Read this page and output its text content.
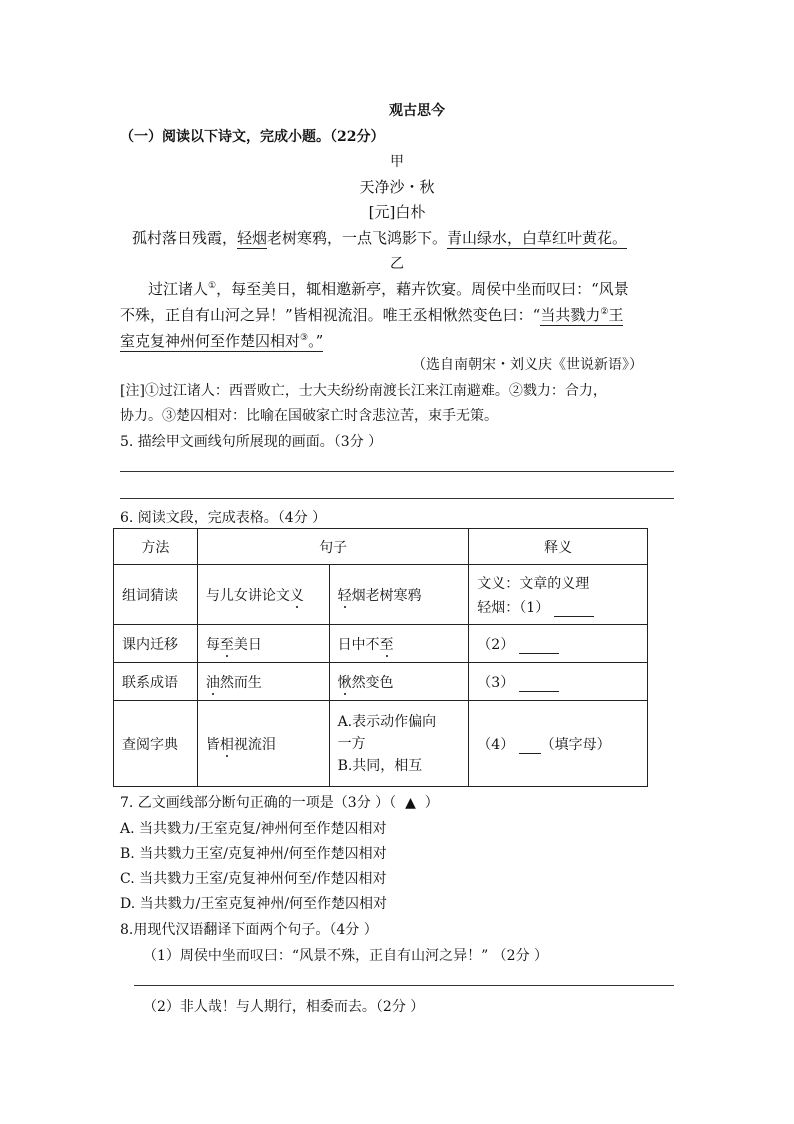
观古思今
（一）阅读以下诗文，完成小题。（22分）
甲
天净沙・秋
[元]白朴
孤村落日残霞，轻烟老树寒鸦，一点飞鸿影下。青山绿水，白草红叶黄花。
乙
过江诸人①，每至美日，辄相邀新亭，藉卉饮宴。周侯中坐而叹曰：“风景
不殊，正自有山河之异！”皆相视流泪。唯王丞相愀然变色曰：“当共戮力②王
室克复神州何至作楚囚相对③。”
（选自南朝宋・刘义庆《世说新语》）
[注]①过江诸人：西晋败亡，士大夫纷纷南渡长江来江南避难。②戮力：合力，
协力。③楚囚相对：比喻在国破家亡时含悲泣苦，束手无策。
5. 描绘甲文画线句所展现的画面。（3分 ）
6. 阅读文段，完成表格。（4分 ）
方法	句子		释义
组词猜读	与儿女讲论文义	轻烟老树寒鸦	文义：文章的义理
轻烟：（1）

课内迁移	每至美日	日中不至	（2）
联系成语	油然而生	愀然变色	（3）
查阅字典	皆相视流泪	A.表示动作偏向
一方
B.共同，相互	（4） （填字母）
7. 乙文画线部分断句正确的一项是（3分 ）（ ▲ ）
A. 当共戮力/王室克复/神州何至作楚囚相对
B. 当共戮力王室/克复神州/何至作楚囚相对
C. 当共戮力王室/克复神州何至/作楚囚相对
D. 当共戮力/王室克复神州/何至作楚囚相对
8.用现代汉语翻译下面两个句子。（4分 ）
（1）周侯中坐而叹曰：“风景不殊，正自有山河之异！” （2分 ）
（2）非人哉！与人期行，相委而去。（2分 ）
